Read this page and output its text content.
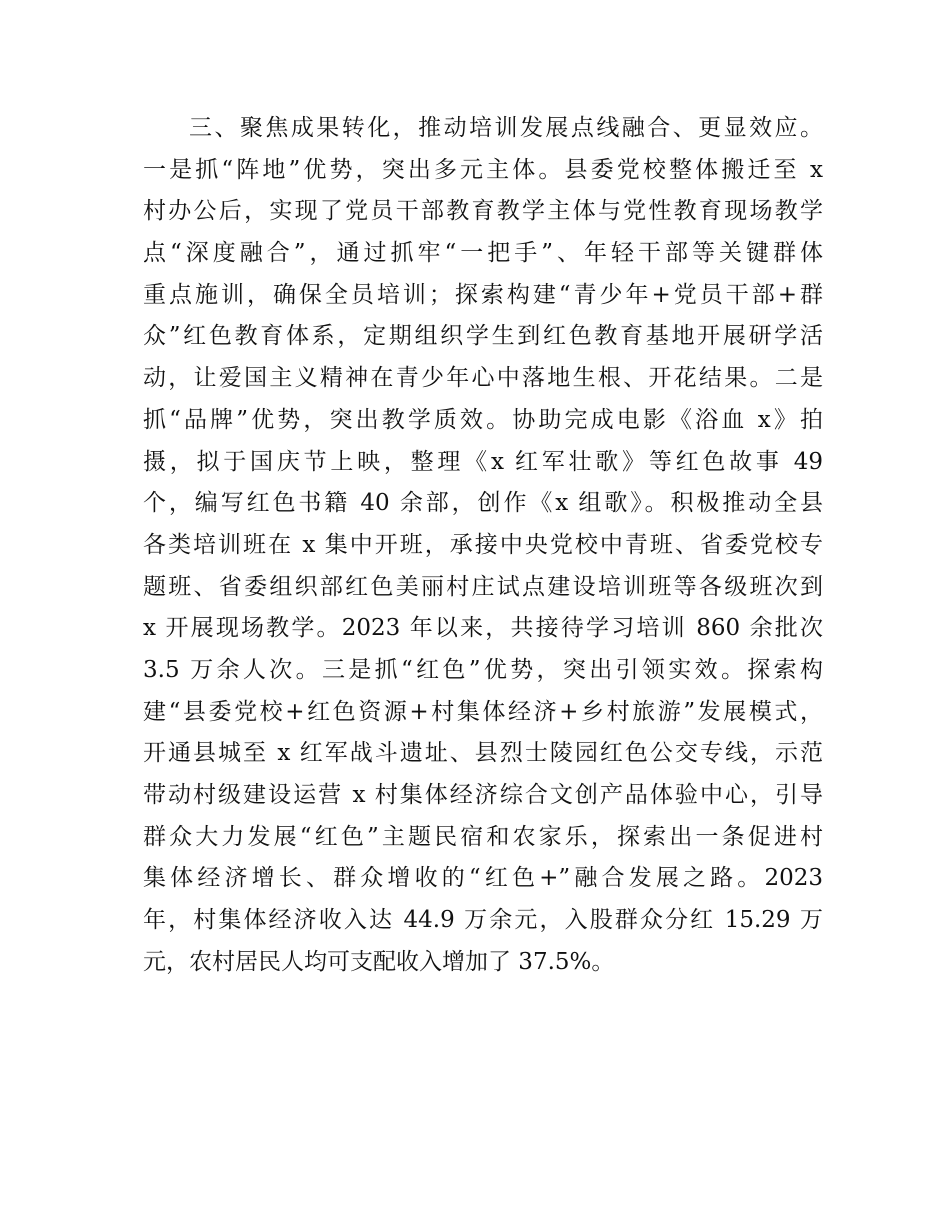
三、聚焦成果转化，推动培训发展点线融合、更显效应。
一是抓“阵地”优势，突出多元主体。县委党校整体搬迁至 x
村办公后，实现了党员干部教育教学主体与党性教育现场教学
点“深度融合”，通过抓牢“一把手”、年轻干部等关键群体
重点施训，确保全员培训；探索构建“青少年+党员干部+群
众”红色教育体系，定期组织学生到红色教育基地开展研学活
动，让爱国主义精神在青少年心中落地生根、开花结果。二是
抓“品牌”优势，突出教学质效。协助完成电影《浴血 x》拍
摄，拟于国庆节上映，整理《x 红军壮歌》等红色故事 49
个，编写红色书籍 40 余部，创作《x 组歌》。积极推动全县
各类培训班在 x 集中开班，承接中央党校中青班、省委党校专
题班、省委组织部红色美丽村庄试点建设培训班等各级班次到
x 开展现场教学。2023 年以来，共接待学习培训 860 余批次
3.5 万余人次。三是抓“红色”优势，突出引领实效。探索构
建“县委党校+红色资源+村集体经济+乡村旅游”发展模式，
开通县城至 x 红军战斗遗址、县烈士陵园红色公交专线，示范
带动村级建设运营 x 村集体经济综合文创产品体验中心，引导
群众大力发展“红色”主题民宿和农家乐，探索出一条促进村
集体经济增长、群众增收的“红色+”融合发展之路。2023
年，村集体经济收入达 44.9 万余元，入股群众分红 15.29 万
元，农村居民人均可支配收入增加了 37.5%。
